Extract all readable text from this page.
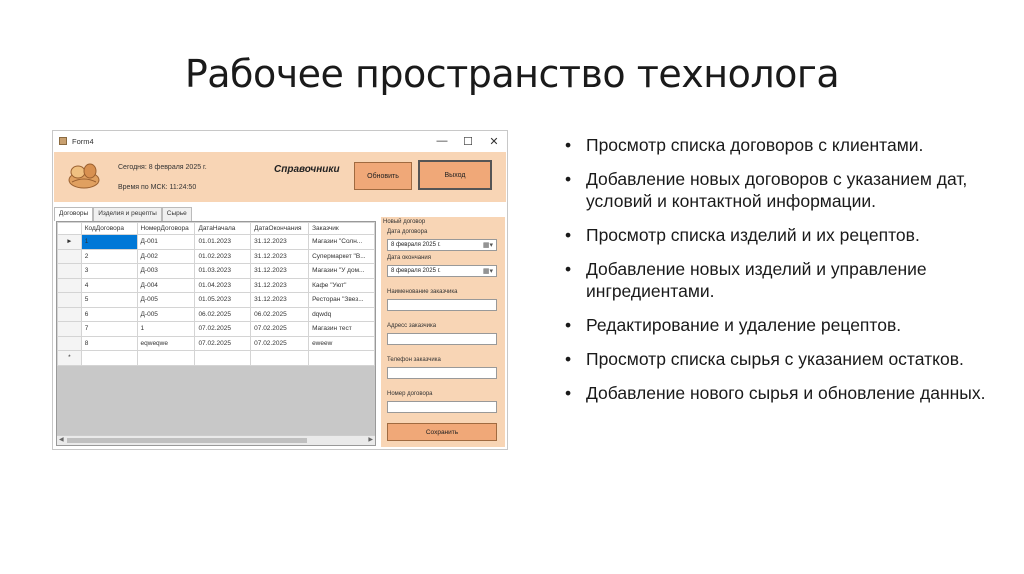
Рабочее пространство технолога
Form4	—	☐	✕
Сегодня: 8 февраля 2025 г.
Время по МСК: 11:24:50
Справочники
Обновить	Выход
Договоры	Изделия и рецепты	Сырье
	КодДоговора	НомерДоговора	ДатаНачала	ДатаОкончания	Заказчик
►	1	Д-001	01.01.2023	31.12.2023	Магазин "Солн...
	2	Д-002	01.02.2023	31.12.2023	Супермаркет "В...
	3	Д-003	01.03.2023	31.12.2023	Магазин "У дом...
	4	Д-004	01.04.2023	31.12.2023	Кафе "Уют"
	5	Д-005	01.05.2023	31.12.2023	Ресторан "Звез...
	6	Д-005	06.02.2025	06.02.2025	dqwdq
	7	1	07.02.2025	07.02.2025	Магазин тест
	8	eqwеqwe	07.02.2025	07.02.2025	ewеew
*					
◀	▶
Новый договор
Дата договора
8 февраля 2025 г.	▦▾
Дата окончания
8 февраля 2025 г.	▦▾
Наименование заказчика
Адресс заказчика
Телефон заказчика
Номер договора
Сохранить
• Просмотр списка договоров с клиентами.
• Добавление новых договоров с указанием дат, условий и контактной информации.
• Просмотр списка изделий и их рецептов.
• Добавление новых изделий и управление ингредиентами.
• Редактирование и удаление рецептов.
• Просмотр списка сырья с указанием остатков.
• Добавление нового сырья и обновление данных.
